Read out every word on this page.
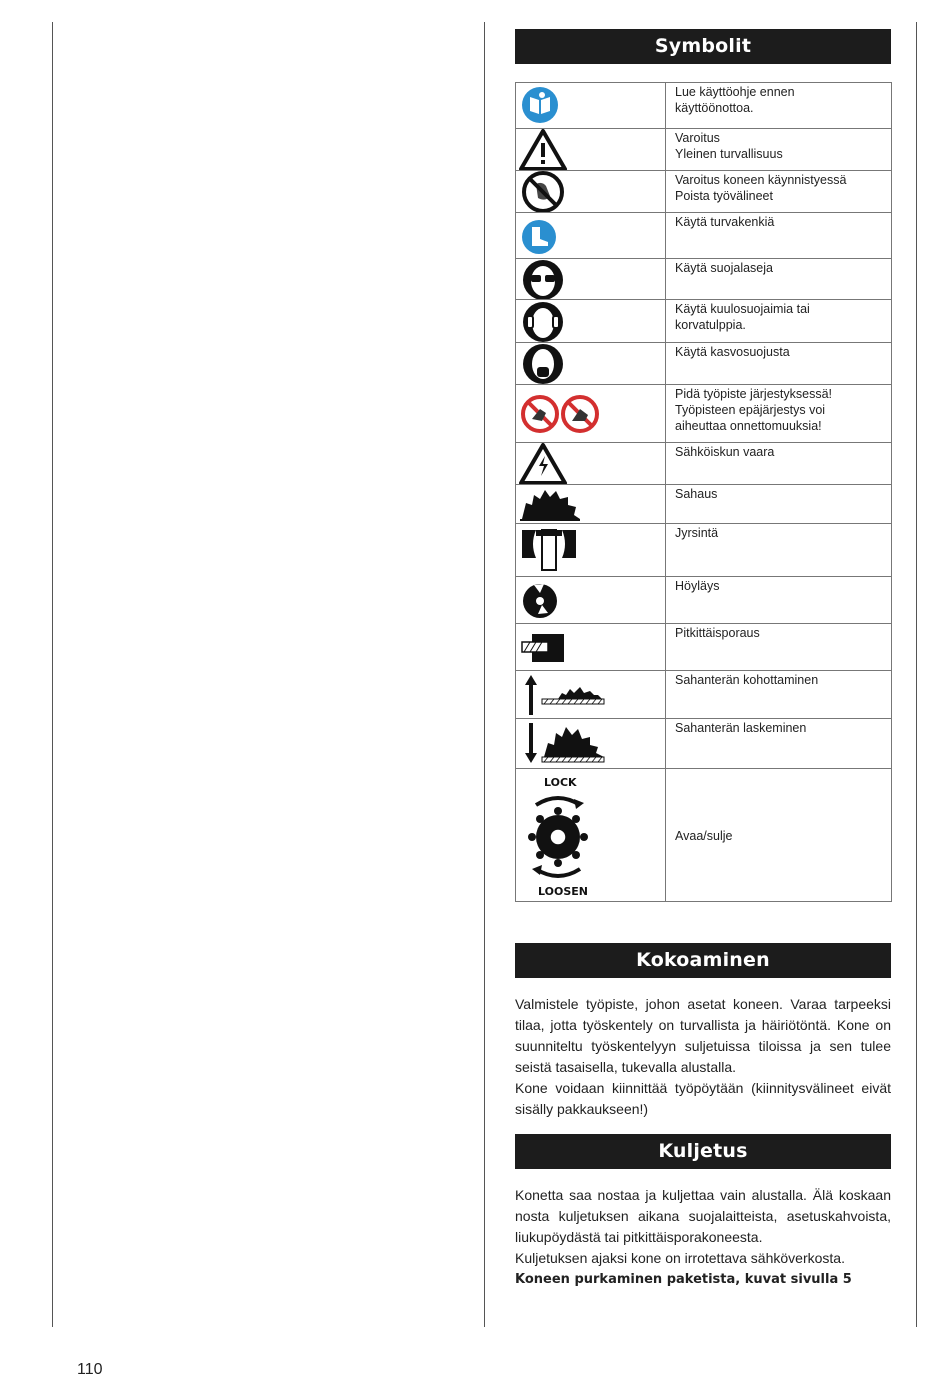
Symbolit

Lue käyttöohje ennen
käyttöönottoa.

Varoitus
Yleinen turvallisuus

Varoitus koneen käynnistyessä
Poista työvälineet

Käytä turvakenkiä

Käytä suojalaseja

Käytä kuulosuojaimia tai
korvatulppia.

Käytä kasvosuojusta

Pidä työpiste järjestyksessä!
Työpisteen epäjärjestys voi
aiheuttaa onnettomuuksia!

Sähköiskun vaara

Sahaus

Jyrsintä

Höyläys

Pitkittäisporaus

Sahanterän kohottaminen

Sahanterän laskeminen

LOCK
LOOSEN	Avaa/sulje
Kokoaminen

Valmistele työpiste, johon asetat koneen. Varaa tarpeeksi tilaa, jotta työskentely on turvallista ja häiriötöntä. Kone on suunniteltu työskentelyyn suljetuissa tiloissa ja sen tulee seistä tasaisella, tukevalla alustalla.

Kone voidaan kiinnittää työpöytään (kiinnitysvälineet eivät sisälly pakkaukseen!)

Kuljetus

Konetta saa nostaa ja kuljettaa vain alustalla. Älä koskaan nosta kuljetuksen aikana suojalaitteista, asetuskahvoista, liukupöydästä tai pitkittäisporakoneesta.

Kuljetuksen ajaksi kone on irrotettava sähköverkosta.

Koneen purkaminen paketista, kuvat sivulla 5

110
